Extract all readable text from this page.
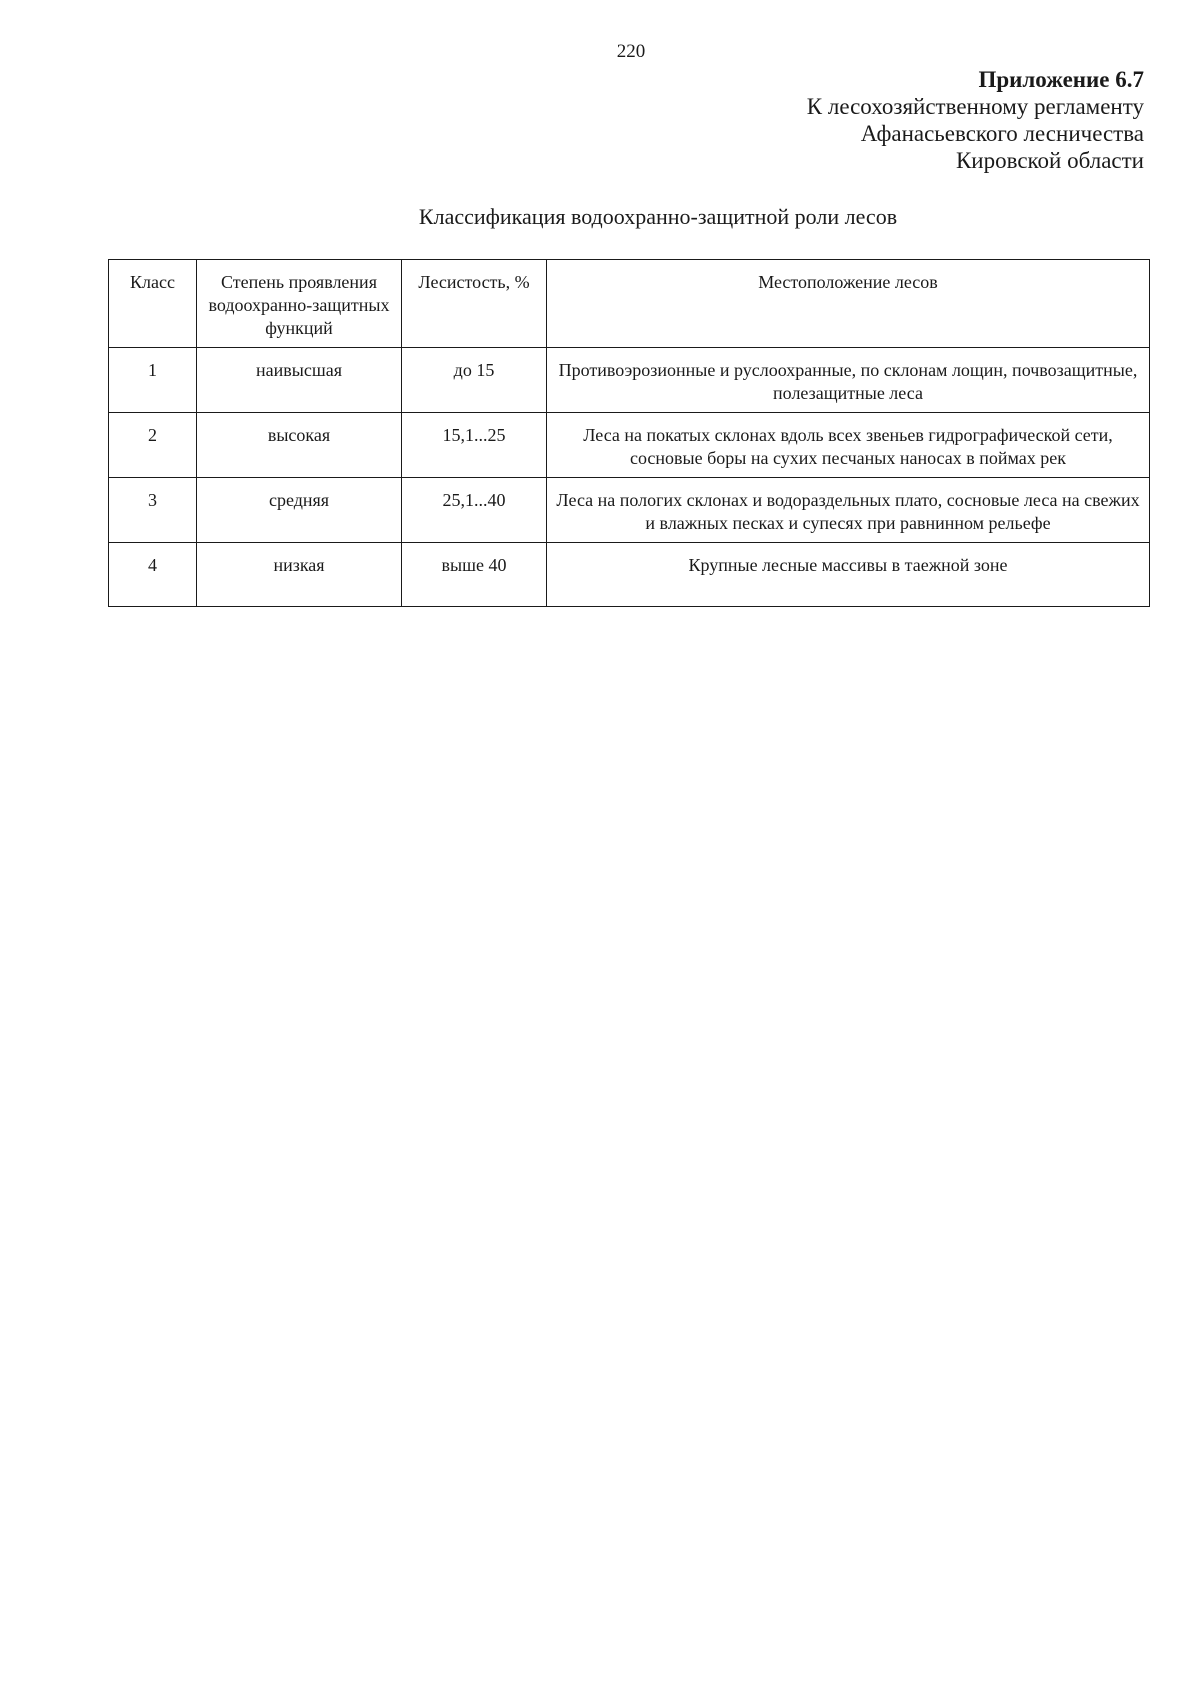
220
Приложение 6.7
К лесохозяйственному регламенту
Афанасьевского лесничества
Кировской области
Классификация водоохранно-защитной роли лесов
Класс	Степень проявления водоохранно-защитных функций	Лесистость, %	Местоположение лесов
1	наивысшая	до 15	Противоэрозионные и руслоохранные, по склонам лощин, почвозащитные, полезащитные леса
2	высокая	15,1...25	Леса на покатых склонах вдоль всех звеньев гидрографической сети, сосновые боры на сухих песчаных наносах в поймах рек
3	средняя	25,1...40	Леса на пологих склонах и водораздельных плато, сосновые леса на свежих и влажных песках и супесях при равнинном рельефе
4	низкая	выше 40	Крупные лесные массивы в таежной зоне
